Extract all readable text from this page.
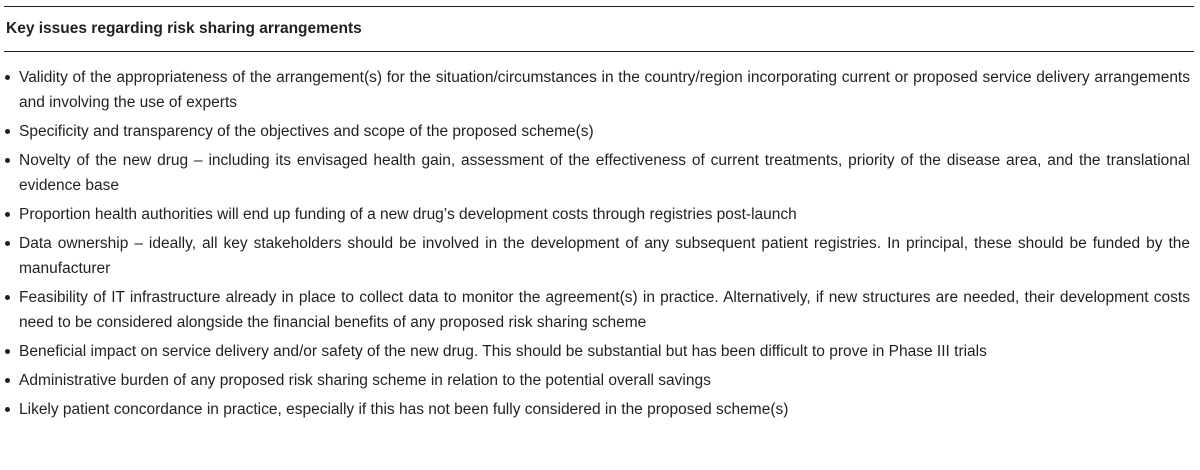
Key issues regarding risk sharing arrangements
Validity of the appropriateness of the arrangement(s) for the situation/circumstances in the country/region incorporating current or proposed service delivery arrangements and involving the use of experts
Specificity and transparency of the objectives and scope of the proposed scheme(s)
Novelty of the new drug – including its envisaged health gain, assessment of the effectiveness of current treatments, priority of the disease area, and the translational evidence base
Proportion health authorities will end up funding of a new drug’s development costs through registries post-launch
Data ownership – ideally, all key stakeholders should be involved in the development of any subsequent patient registries. In principal, these should be funded by the manufacturer
Feasibility of IT infrastructure already in place to collect data to monitor the agreement(s) in practice. Alternatively, if new structures are needed, their development costs need to be considered alongside the financial benefits of any proposed risk sharing scheme
Beneficial impact on service delivery and/or safety of the new drug. This should be substantial but has been difficult to prove in Phase III trials
Administrative burden of any proposed risk sharing scheme in relation to the potential overall savings
Likely patient concordance in practice, especially if this has not been fully considered in the proposed scheme(s)
